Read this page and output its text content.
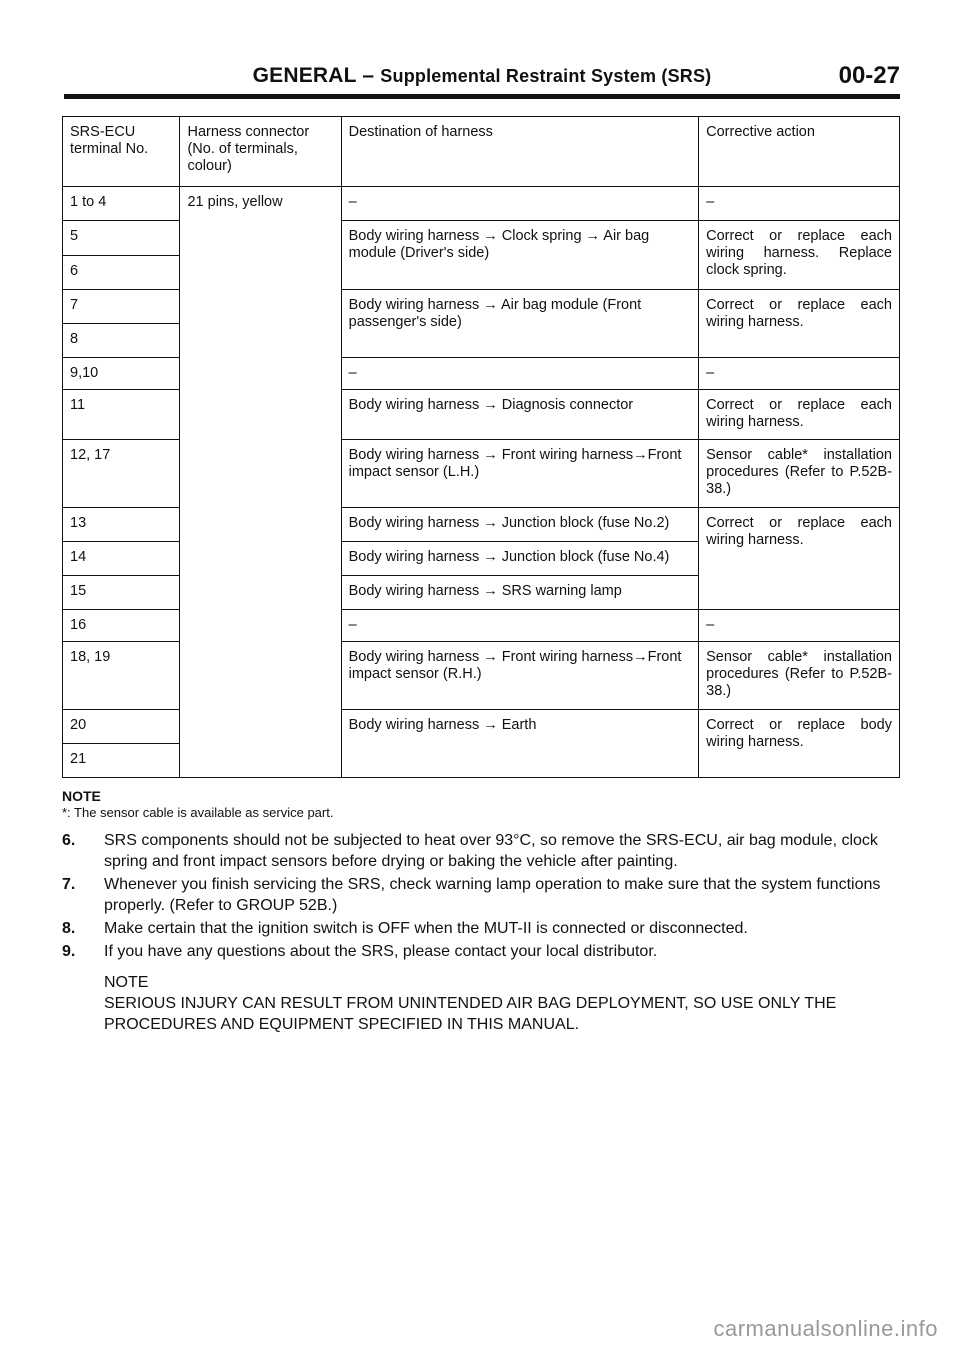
GENERAL – Supplemental Restraint System (SRS)	00-27
SRS-ECU terminal No.	Harness connector (No. of terminals, colour)	Destination of harness	Corrective action
1 to 4	21 pins, yellow	–	–
5		Body wiring harness → Clock spring → Air bag module (Driver's side)	Correct or replace each wiring harness. Replace clock spring.
6			
7		Body wiring harness → Air bag module (Front passenger's side)	Correct or replace each wiring harness.
8			
9,10		–	–
11		Body wiring harness → Diagnosis connector	Correct or replace each wiring harness.
12, 17		Body wiring harness → Front wiring harness→Front impact sensor (L.H.)	Sensor cable* installation procedures (Refer to P.52B-38.)
13		Body wiring harness → Junction block (fuse No.2)	Correct or replace each wiring harness.
14		Body wiring harness → Junction block (fuse No.4)	
15		Body wiring harness → SRS warning lamp	
16		–	–
18, 19		Body wiring harness → Front wiring harness→Front impact sensor (R.H.)	Sensor cable* installation procedures (Refer to P.52B-38.)
20		Body wiring harness → Earth	Correct or replace body wiring harness.
21			
NOTE
*: The sensor cable is available as service part.
6. SRS components should not be subjected to heat over 93°C, so remove the SRS-ECU, air bag module, clock spring and front impact sensors before drying or baking the vehicle after painting.
7. Whenever you finish servicing the SRS, check warning lamp operation to make sure that the system functions properly. (Refer to GROUP 52B.)
8. Make certain that the ignition switch is OFF when the MUT-II is connected or disconnected.
9. If you have any questions about the SRS, please contact your local distributor.
NOTE
SERIOUS INJURY CAN RESULT FROM UNINTENDED AIR BAG DEPLOYMENT, SO USE ONLY THE PROCEDURES AND EQUIPMENT SPECIFIED IN THIS MANUAL.
carmanualsonline.info
